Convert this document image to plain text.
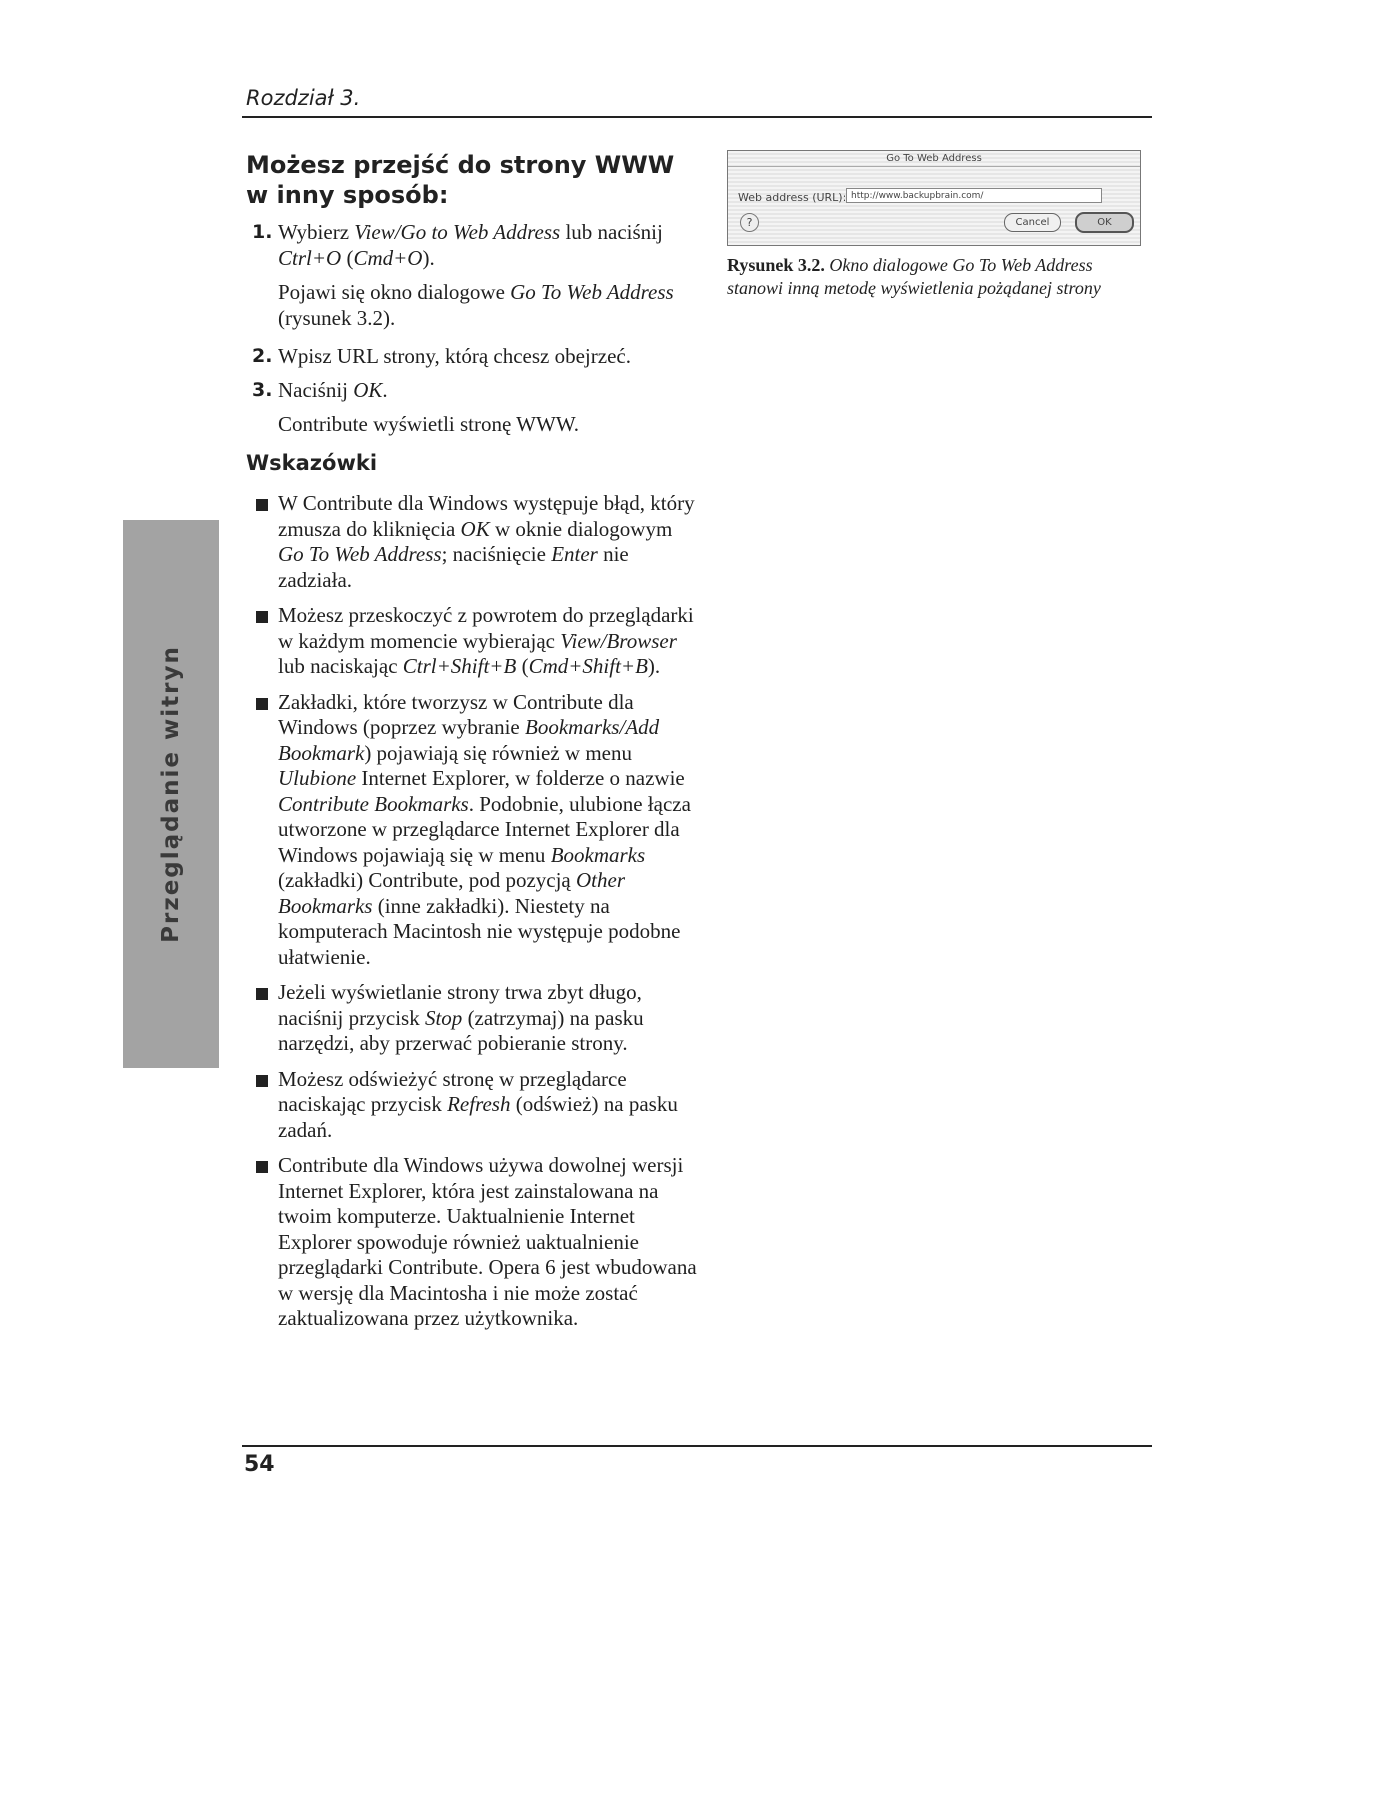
Rozdział 3.
Przeglądanie witryn
Możesz przejść do strony WWW w inny sposób:
1. Wybierz View/Go to Web Address lub naciśnij Ctrl+O (Cmd+O).
Pojawi się okno dialogowe Go To Web Address (rysunek 3.2).
2. Wpisz URL strony, którą chcesz obejrzeć.
3. Naciśnij OK.
Contribute wyświetli stronę WWW.
Wskazówki
W Contribute dla Windows występuje błąd, który zmusza do kliknięcia OK w oknie dialogowym Go To Web Address; naciśnięcie Enter nie zadziała.
Możesz przeskoczyć z powrotem do przeglądarki w każdym momencie wybierając View/Browser lub naciskając Ctrl+Shift+B (Cmd+Shift+B).
Zakładki, które tworzysz w Contribute dla Windows (poprzez wybranie Bookmarks/Add Bookmark) pojawiają się również w menu Ulubione Internet Explorer, w folderze o nazwie Contribute Bookmarks. Podobnie, ulubione łącza utworzone w przeglądarce Internet Explorer dla Windows pojawiają się w menu Bookmarks (zakładki) Contribute, pod pozycją Other Bookmarks (inne zakładki). Niestety na komputerach Macintosh nie występuje podobne ułatwienie.
Jeżeli wyświetlanie strony trwa zbyt długo, naciśnij przycisk Stop (zatrzymaj) na pasku narzędzi, aby przerwać pobieranie strony.
Możesz odświeżyć stronę w przeglądarce naciskając przycisk Refresh (odśwież) na pasku zadań.
Contribute dla Windows używa dowolnej wersji Internet Explorer, która jest zainstalowana na twoim komputerze. Uaktualnienie Internet Explorer spowoduje również uaktualnienie przeglądarki Contribute. Opera 6 jest wbudowana w wersję dla Macintosha i nie może zostać zaktualizowana przez użytkownika.
Go To Web Address
Web address (URL): http://www.backupbrain.com/
?	Cancel	OK
Rysunek 3.2. Okno dialogowe Go To Web Address stanowi inną metodę wyświetlenia pożądanej strony
54
